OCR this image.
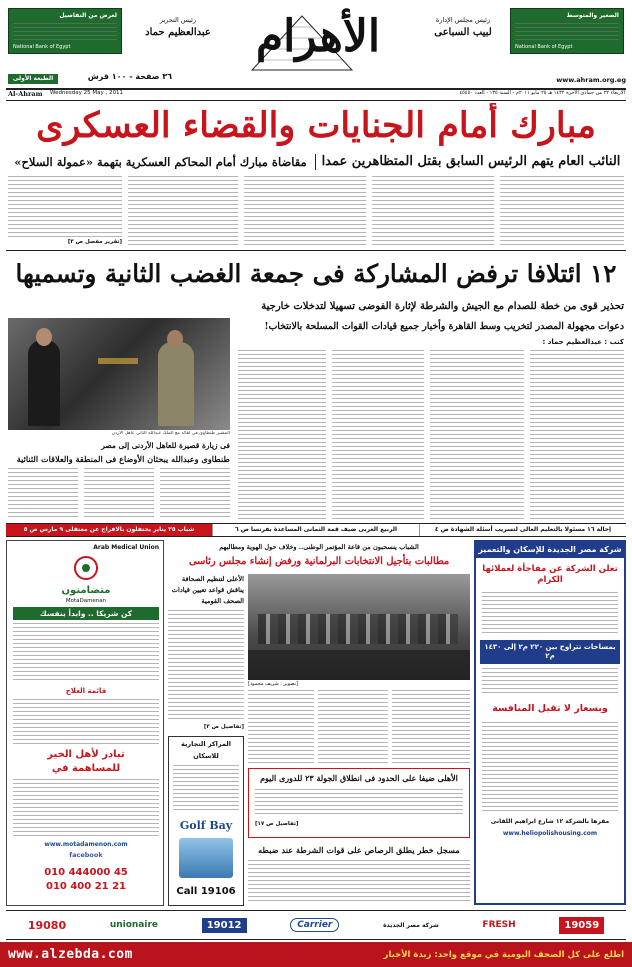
الصغير والمتوسط
National Bank of Egypt
لعرض من التفاصيل
National Bank of Egypt	الأهرام	رئيس مجلس الإدارة
لبيب السباعى
رئيس التحرير
عبدالعظيم حماد
الطبعة الأولى	٣٦ صفحة - ١٠٠ قرش	www.ahram.org.eg
Al-Ahram	Wednesday 25 May , 2011	الأربعاء ٢٢ من جمادى الآخرة ١٤٣٢ هـ ٢٥ مايو ٢٠١١م - السنة ١٣٥ - العدد ٤٥٤٥٠
مبارك أمام الجنايات والقضاء العسكرى
النائب العام يتهم الرئيس السابق بقتل المتظاهرين عمدا
مقاضاة مبارك أمام المحاكم العسكرية بتهمة «عمولة السلاح»
[تقرير مفصل ص ٣]
١٢ ائتلافا ترفض المشاركة فى جمعة الغضب الثانية وتسميها
تحذير قوى من خطة للصدام مع الجيش والشرطة لإثارة الفوضى تسهيلا لتدخلات خارجية
دعوات مجهولة المصدر لتخريب وسط القاهرة وأخبار جميع قيادات القوات المسلحة بالانتخاب!
كتب : عبدالعظيم حماد :
المشير طنطاوى فى لقائه مع الملك عبدالله الثانى عاهل الأردن
فى زيارة قصيرة للعاهل الأردنى إلى مصر
طنطاوى وعبدالله يبحثان الأوضاع فى المنطقة والعلاقات الثنائية
إحالة ١٦ مسئولا بالتعليم العالى لتسريب أسئلة الشهادة ص ٤
الربيع العربى ضيف قمة الثمانى المساعدة بفرنسا ص ٦
شباب ٢٥ يناير يحتفلون بالافراج عن معتقلى ٩ مارس ص ٥
شركة مصر الجديدة للإسكان والتعمير
تعلن الشركة عن مفاجأة لعملائها الكرام
بمساحات تتراوح بين ٢٢٠ م٢ إلى ١٤٣٠ م٢
وبسعار لا تقبل المنافسة
مقرها بالشركة ١٢ شارع ابراهيم اللقانى
www.heliopolishousing.com
الشباب ينسحبون من قاعة المؤتمر الوطنى.. وخلاف حول الهوية ومطالبهم
مطالبات بتأجيل الانتخابات البرلمانية ورفض إنشاء مجلس رئاسى
[تصوير : شريف محمود]
الأعلى لتنظيم الصحافة يناقش قواعد تعيين قيادات الصحف القومية
[تفاصيل ص ٣]
المراكز التجارية
للاسكان
Golf Bay
Call 19106
الأهلى ضيفا على الحدود فى انطلاق الجولة ٢٣ للدورى اليوم
[تفاصيل ص ١٧]
مسجل خطر يطلق الرصاص على قوات الشرطة عند ضبطه
Arab Medical Union
متضامنون
MotaDamenan
كن شريكا .. وابدأ بنفسك
قائمة العلاج
تبادر لأهل الخير
للمساهمة في
www.motadamenon.com
facebook
010 444000 45
010 400 21 21
19059
FRESH
شركة مصر الجديدة
Carrier
19012
unionaire
19080
www.alzebda.com	اطلع على كل الصحف اليومية في موقع واحد: زبدة الأخبار
